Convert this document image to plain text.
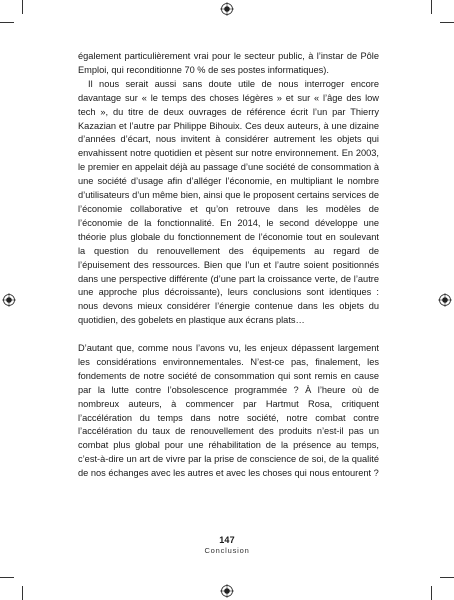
également particulièrement vrai pour le secteur public, à l’instar de Pôle Emploi, qui reconditionne 70 % de ses postes informatiques).

Il nous serait aussi sans doute utile de nous interroger encore davantage sur « le temps des choses légères » et sur « l’âge des low tech », du titre de deux ouvrages de référence écrit l’un par Thierry Kazazian et l’autre par Philippe Bihouix. Ces deux auteurs, à une dizaine d’années d’écart, nous invitent à considérer autrement les objets qui envahissent notre quotidien et pèsent sur notre environnement. En 2003, le premier en appelait déjà au passage d’une société de consommation à une société d’usage afin d’alléger l’économie, en multipliant le nombre d’utilisateurs d’un même bien, ainsi que le proposent certains services de l’économie collaborative et qu’on retrouve dans les modèles de l’économie de la fonctionnalité. En 2014, le second développe une théorie plus globale du fonctionnement de l’économie tout en soulevant la question du renouvellement des équipements au regard de l’épuisement des ressources. Bien que l’un et l’autre soient positionnés dans une perspective différente (d’une part la croissance verte, de l’autre une approche plus décroissante), leurs conclusions sont identiques : nous devons mieux considérer l’énergie contenue dans les objets du quotidien, des gobelets en plastique aux écrans plats…

D’autant que, comme nous l’avons vu, les enjeux dépassent largement les considérations environnementales. N’est-ce pas, finalement, les fondements de notre société de consommation qui sont remis en cause par la lutte contre l’obsolescence programmée ? À l’heure où de nombreux auteurs, à commencer par Hartmut Rosa, critiquent l’accélération du temps dans notre société, notre combat contre l’accélération du taux de renouvellement des produits n’est-il pas un combat plus global pour une réhabilitation de la présence au temps, c’est-à-dire un art de vivre par la prise de conscience de soi, de la qualité de nos échanges avec les autres et avec les choses qui nous entourent ?

147
Conclusion
